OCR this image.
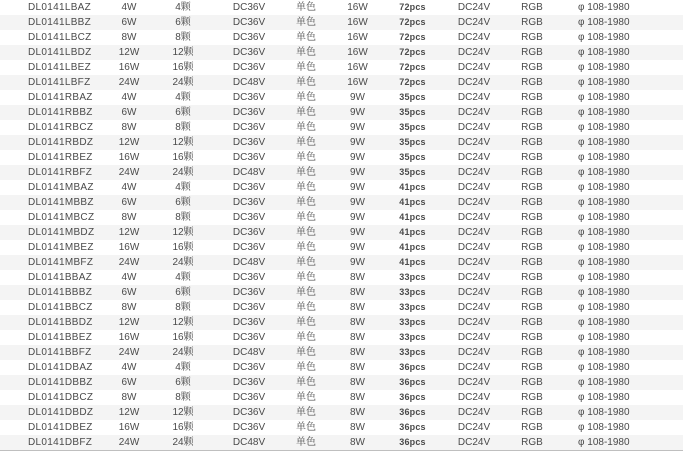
DL0141LBAZ	4W	4颗	DC36V	单色	16W	72pcs	DC24V	RGB	φ 108-1980
DL0141LBBZ	6W	6颗	DC36V	单色	16W	72pcs	DC24V	RGB	φ 108-1980
DL0141LBCZ	8W	8颗	DC36V	单色	16W	72pcs	DC24V	RGB	φ 108-1980
DL0141LBDZ	12W	12颗	DC36V	单色	16W	72pcs	DC24V	RGB	φ 108-1980
DL0141LBEZ	16W	16颗	DC36V	单色	16W	72pcs	DC24V	RGB	φ 108-1980
DL0141LBFZ	24W	24颗	DC48V	单色	16W	72pcs	DC24V	RGB	φ 108-1980
DL0141RBAZ	4W	4颗	DC36V	单色	9W	35pcs	DC24V	RGB	φ 108-1980
DL0141RBBZ	6W	6颗	DC36V	单色	9W	35pcs	DC24V	RGB	φ 108-1980
DL0141RBCZ	8W	8颗	DC36V	单色	9W	35pcs	DC24V	RGB	φ 108-1980
DL0141RBDZ	12W	12颗	DC36V	单色	9W	35pcs	DC24V	RGB	φ 108-1980
DL0141RBEZ	16W	16颗	DC36V	单色	9W	35pcs	DC24V	RGB	φ 108-1980
DL0141RBFZ	24W	24颗	DC48V	单色	9W	35pcs	DC24V	RGB	φ 108-1980
DL0141MBAZ	4W	4颗	DC36V	单色	9W	41pcs	DC24V	RGB	φ 108-1980
DL0141MBBZ	6W	6颗	DC36V	单色	9W	41pcs	DC24V	RGB	φ 108-1980
DL0141MBCZ	8W	8颗	DC36V	单色	9W	41pcs	DC24V	RGB	φ 108-1980
DL0141MBDZ	12W	12颗	DC36V	单色	9W	41pcs	DC24V	RGB	φ 108-1980
DL0141MBEZ	16W	16颗	DC36V	单色	9W	41pcs	DC24V	RGB	φ 108-1980
DL0141MBFZ	24W	24颗	DC48V	单色	9W	41pcs	DC24V	RGB	φ 108-1980
DL0141BBAZ	4W	4颗	DC36V	单色	8W	33pcs	DC24V	RGB	φ 108-1980
DL0141BBBZ	6W	6颗	DC36V	单色	8W	33pcs	DC24V	RGB	φ 108-1980
DL0141BBCZ	8W	8颗	DC36V	单色	8W	33pcs	DC24V	RGB	φ 108-1980
DL0141BBDZ	12W	12颗	DC36V	单色	8W	33pcs	DC24V	RGB	φ 108-1980
DL0141BBEZ	16W	16颗	DC36V	单色	8W	33pcs	DC24V	RGB	φ 108-1980
DL0141BBFZ	24W	24颗	DC48V	单色	8W	33pcs	DC24V	RGB	φ 108-1980
DL0141DBAZ	4W	4颗	DC36V	单色	8W	36pcs	DC24V	RGB	φ 108-1980
DL0141DBBZ	6W	6颗	DC36V	单色	8W	36pcs	DC24V	RGB	φ 108-1980
DL0141DBCZ	8W	8颗	DC36V	单色	8W	36pcs	DC24V	RGB	φ 108-1980
DL0141DBDZ	12W	12颗	DC36V	单色	8W	36pcs	DC24V	RGB	φ 108-1980
DL0141DBEZ	16W	16颗	DC36V	单色	8W	36pcs	DC24V	RGB	φ 108-1980
DL0141DBFZ	24W	24颗	DC48V	单色	8W	36pcs	DC24V	RGB	φ 108-1980
